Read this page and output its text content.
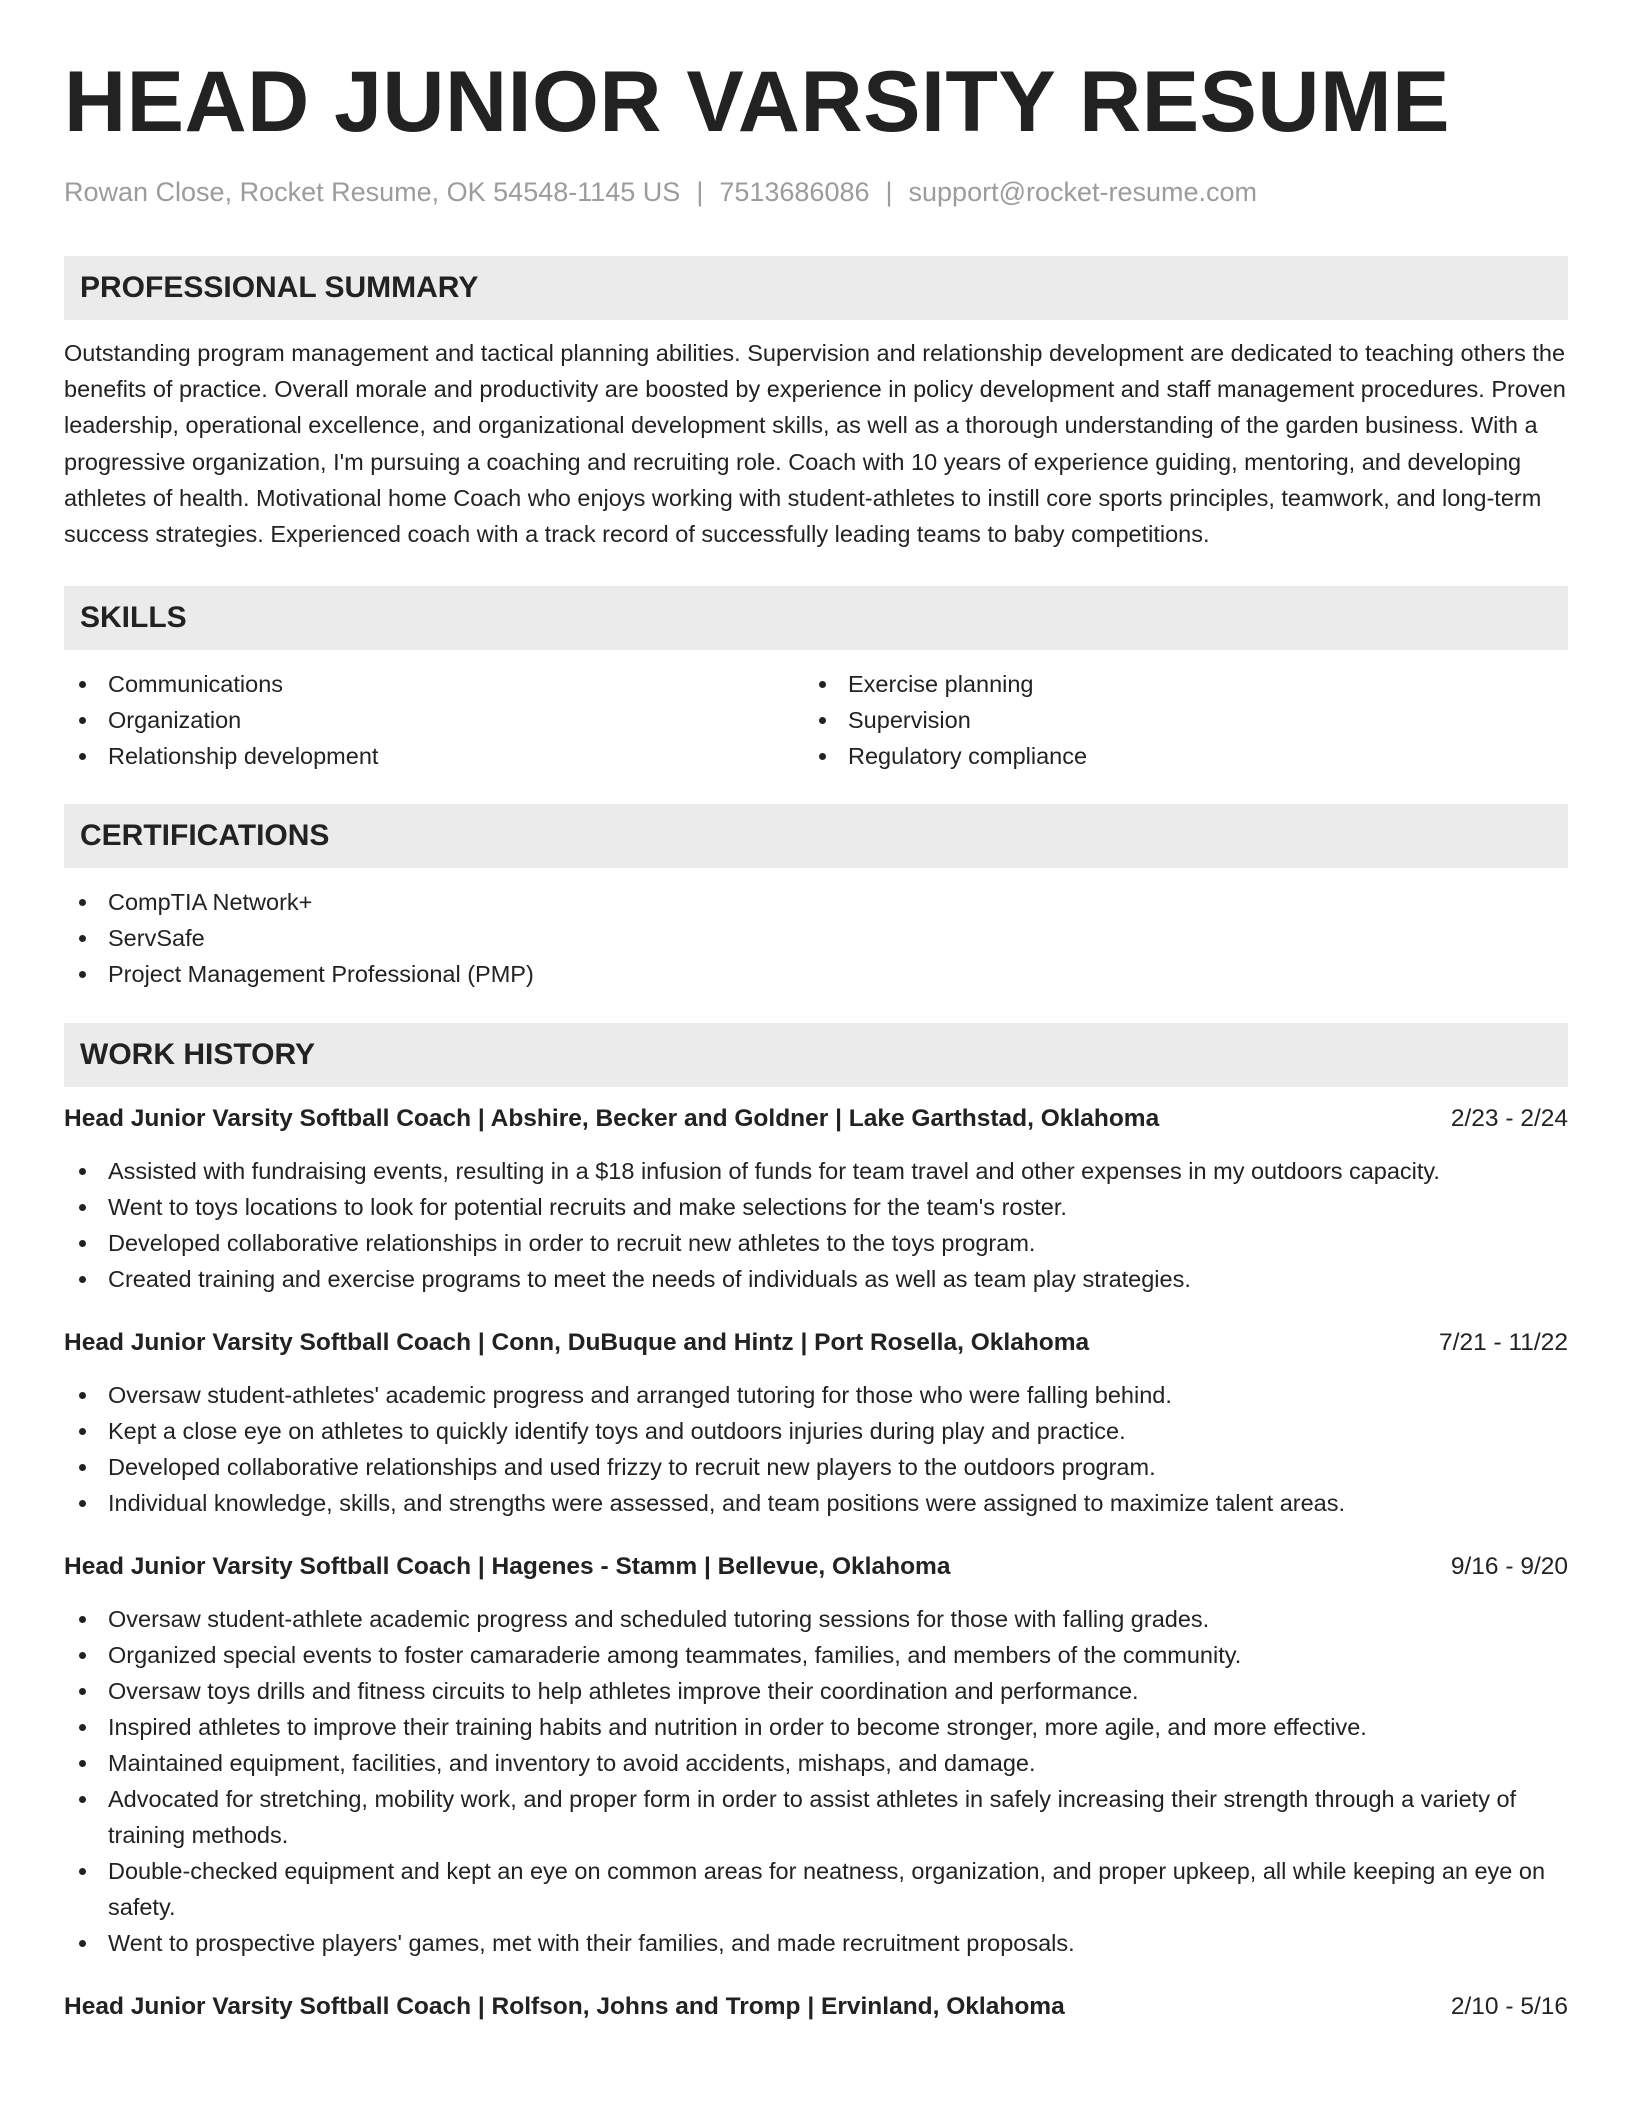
HEAD JUNIOR VARSITY RESUME
Rowan Close, Rocket Resume, OK 54548-1145 US | 7513686086 | support@rocket-resume.com
PROFESSIONAL SUMMARY
Outstanding program management and tactical planning abilities. Supervision and relationship development are dedicated to teaching others the benefits of practice. Overall morale and productivity are boosted by experience in policy development and staff management procedures. Proven leadership, operational excellence, and organizational development skills, as well as a thorough understanding of the garden business. With a progressive organization, I'm pursuing a coaching and recruiting role. Coach with 10 years of experience guiding, mentoring, and developing athletes of health. Motivational home Coach who enjoys working with student-athletes to instill core sports principles, teamwork, and long-term success strategies. Experienced coach with a track record of successfully leading teams to baby competitions.
SKILLS
Communications
Organization
Relationship development
Exercise planning
Supervision
Regulatory compliance
CERTIFICATIONS
CompTIA Network+
ServSafe
Project Management Professional (PMP)
WORK HISTORY
Head Junior Varsity Softball Coach | Abshire, Becker and Goldner | Lake Garthstad, Oklahoma	2/23 - 2/24
Assisted with fundraising events, resulting in a $18 infusion of funds for team travel and other expenses in my outdoors capacity.
Went to toys locations to look for potential recruits and make selections for the team's roster.
Developed collaborative relationships in order to recruit new athletes to the toys program.
Created training and exercise programs to meet the needs of individuals as well as team play strategies.
Head Junior Varsity Softball Coach | Conn, DuBuque and Hintz | Port Rosella, Oklahoma	7/21 - 11/22
Oversaw student-athletes' academic progress and arranged tutoring for those who were falling behind.
Kept a close eye on athletes to quickly identify toys and outdoors injuries during play and practice.
Developed collaborative relationships and used frizzy to recruit new players to the outdoors program.
Individual knowledge, skills, and strengths were assessed, and team positions were assigned to maximize talent areas.
Head Junior Varsity Softball Coach | Hagenes - Stamm | Bellevue, Oklahoma	9/16 - 9/20
Oversaw student-athlete academic progress and scheduled tutoring sessions for those with falling grades.
Organized special events to foster camaraderie among teammates, families, and members of the community.
Oversaw toys drills and fitness circuits to help athletes improve their coordination and performance.
Inspired athletes to improve their training habits and nutrition in order to become stronger, more agile, and more effective.
Maintained equipment, facilities, and inventory to avoid accidents, mishaps, and damage.
Advocated for stretching, mobility work, and proper form in order to assist athletes in safely increasing their strength through a variety of training methods.
Double-checked equipment and kept an eye on common areas for neatness, organization, and proper upkeep, all while keeping an eye on safety.
Went to prospective players' games, met with their families, and made recruitment proposals.
Head Junior Varsity Softball Coach | Rolfson, Johns and Tromp | Ervinland, Oklahoma	2/10 - 5/16
